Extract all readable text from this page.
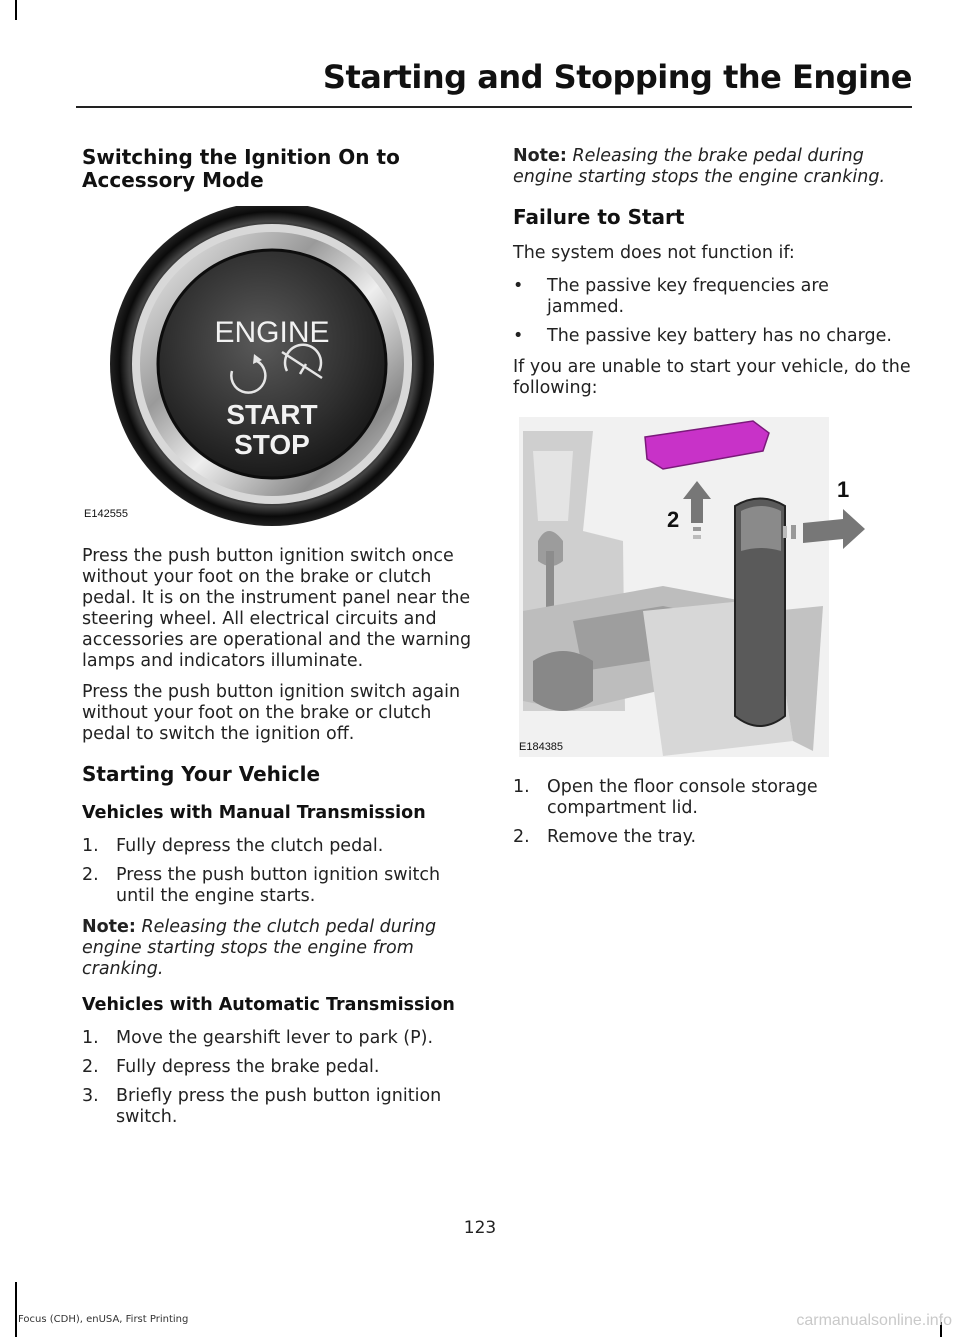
Starting and Stopping the Engine
Switching the Ignition On to Accessory Mode
ENGINE
START
STOP
E142555

Press the push button ignition switch once without your foot on the brake or clutch pedal. It is on the instrument panel near the steering wheel. All electrical circuits and accessories are operational and the warning lamps and indicators illuminate.

Press the push button ignition switch again without your foot on the brake or clutch pedal to switch the ignition off.

Starting Your Vehicle
Vehicles with Manual Transmission
1. Fully depress the clutch pedal.
2. Press the push button ignition switch until the engine starts.

Note: Releasing the clutch pedal during engine starting stops the engine from cranking.

Vehicles with Automatic Transmission
1. Move the gearshift lever to park (P).
2. Fully depress the brake pedal.
3. Briefly press the push button ignition switch.

Note: Releasing the brake pedal during engine starting stops the engine cranking.

Failure to Start

The system does not function if:

• The passive key frequencies are jammed.
• The passive key battery has no charge.

If you are unable to start your vehicle, do the following:

1
2
E184385
1. Open the floor console storage compartment lid.
2. Remove the tray.
123
Focus (CDH), enUSA, First Printing	carmanualsonline.info
